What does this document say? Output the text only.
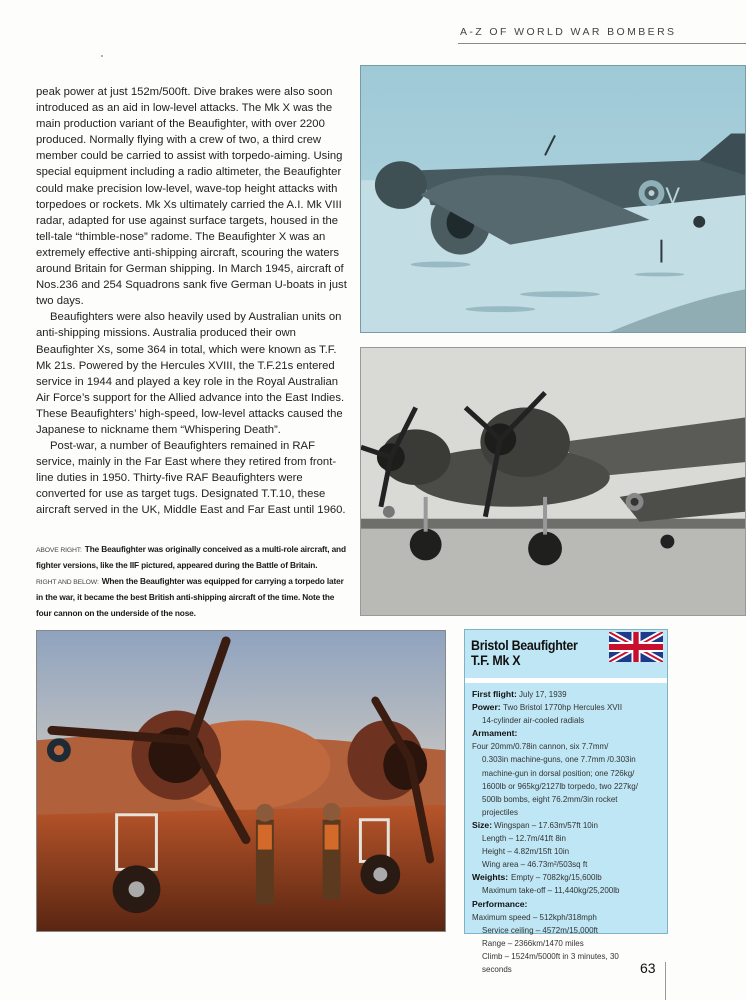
A-Z OF WORLD WAR BOMBERS

peak power at just 152m/500ft. Dive brakes were also soon introduced as an aid in low-level attacks. The Mk X was the main production variant of the Beaufighter, with over 2200 produced. Normally flying with a crew of two, a third crew member could be carried to assist with torpedo-aiming. Using special equipment including a radio altimeter, the Beaufighter could make precision low-level, wave-top height attacks with torpedoes or rockets. Mk Xs ultimately carried the A.I. Mk VIII radar, adapted for use against surface targets, housed in the tell-tale “thimble-nose” radome. The Beaufighter X was an extremely effective anti-shipping aircraft, scouring the waters around Britain for German shipping. In March 1945, aircraft of Nos.236 and 254 Squadrons sank five German U-boats in just two days.

Beaufighters were also heavily used by Australian units on anti-shipping missions. Australia produced their own Beaufighter Xs, some 364 in total, which were known as T.F. Mk 21s. Powered by the Hercules XVIII, the T.F.21s entered service in 1944 and played a key role in the Royal Australian Air Force’s support for the Allied advance into the East Indies. These Beaufighters’ high-speed, low-level attacks caused the Japanese to nickname them “Whispering Death”.

Post-war, a number of Beaufighters remained in RAF service, mainly in the Far East where they retired from front-line duties in 1950. Thirty-five RAF Beaufighters were converted for use as target tugs. Designated T.T.10, these aircraft served in the UK, Middle East and Far East until 1960.

ABOVE RIGHT: The Beaufighter was originally conceived as a multi-role aircraft, and fighter versions, like the IIF pictured, appeared during the Battle of Britain.
RIGHT AND BELOW: When the Beaufighter was equipped for carrying a torpedo later in the war, it became the best British anti-shipping aircraft of the time. Note the four cannon on the underside of the nose.
V
Bristol Beaufighter
T.F. Mk X
First flight: July 17, 1939
Power: Two Bristol 1770hp Hercules XVII
14-cylinder air-cooled radials
Armament: Four 20mm/0.78in cannon, six 7.7mm/
0.303in machine-guns, one 7.7mm /0.303in
machine-gun in dorsal position; one 726kg/
1600lb or 965kg/2127lb torpedo, two 227kg/
500lb bombs, eight 76.2mm/3in rocket projectiles
Size: Wingspan – 17.63m/57ft 10in
Length – 12.7m/41ft 8in
Height – 4.82m/15ft 10in
Wing area – 46.73m²/503sq ft
Weights: Empty – 7082kg/15,600lb
Maximum take-off – 11,440kg/25,200lb
Performance: Maximum speed – 512kph/318mph
Service ceiling – 4572m/15,000ft
Range – 2366km/1470 miles
Climb – 1524m/5000ft in 3 minutes, 30 seconds	63
